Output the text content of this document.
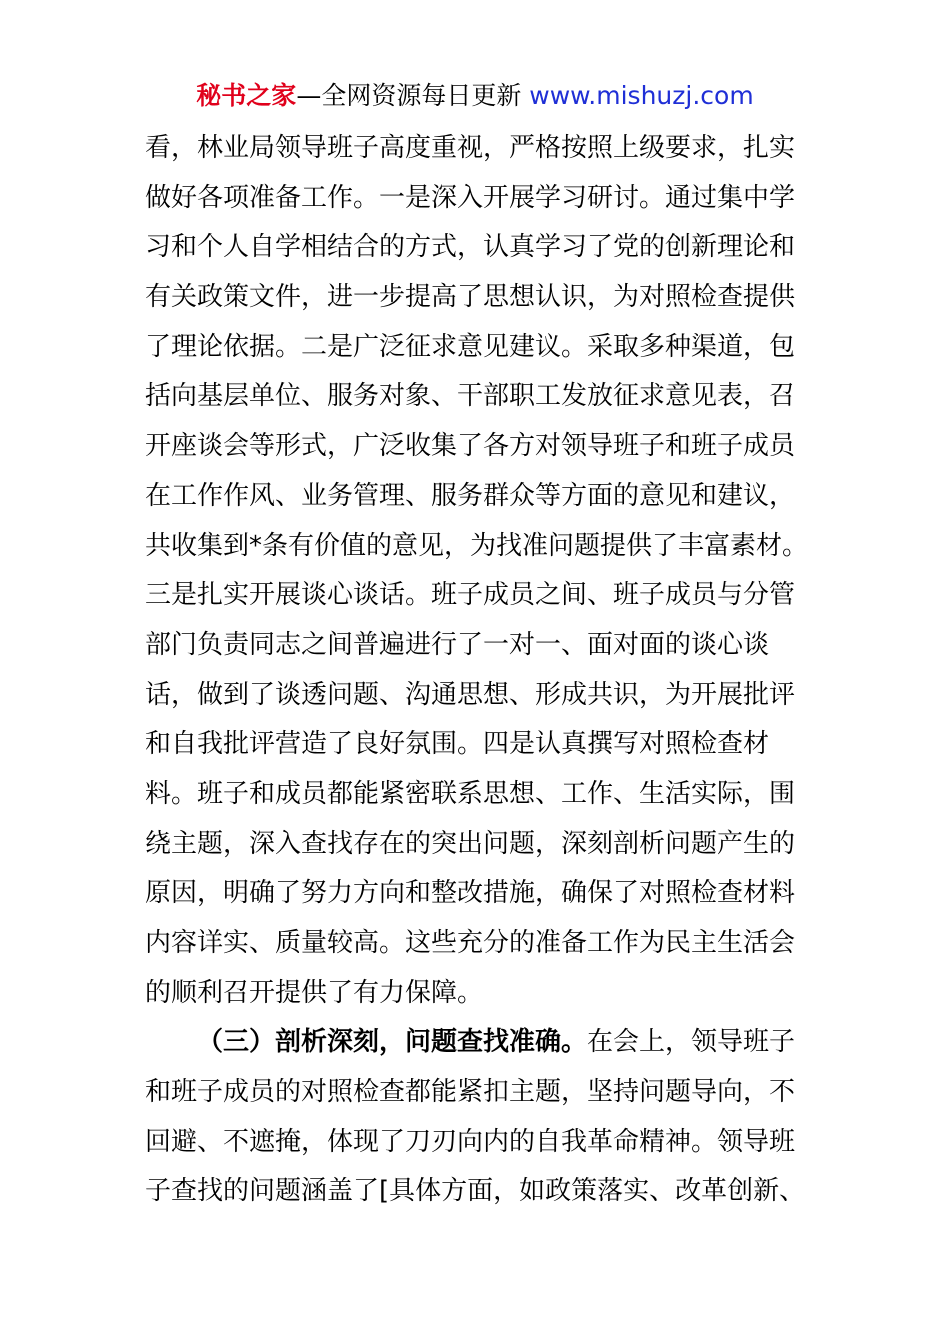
秘书之家—全网资源每日更新 www.mishuzj.com
看，林业局领导班子高度重视，严格按照上级要求，扎实
做好各项准备工作。一是深入开展学习研讨。通过集中学
习和个人自学相结合的方式，认真学习了党的创新理论和
有关政策文件，进一步提高了思想认识，为对照检查提供
了理论依据。二是广泛征求意见建议。采取多种渠道，包
括向基层单位、服务对象、干部职工发放征求意见表，召
开座谈会等形式，广泛收集了各方对领导班子和班子成员
在工作作风、业务管理、服务群众等方面的意见和建议，
共收集到*条有价值的意见，为找准问题提供了丰富素材。
三是扎实开展谈心谈话。班子成员之间、班子成员与分管
部门负责同志之间普遍进行了一对一、面对面的谈心谈
话，做到了谈透问题、沟通思想、形成共识，为开展批评
和自我批评营造了良好氛围。四是认真撰写对照检查材
料。班子和成员都能紧密联系思想、工作、生活实际，围
绕主题，深入查找存在的突出问题，深刻剖析问题产生的
原因，明确了努力方向和整改措施，确保了对照检查材料
内容详实、质量较高。这些充分的准备工作为民主生活会
的顺利召开提供了有力保障。
（三）剖析深刻，问题查找准确。在会上，领导班子
和班子成员的对照检查都能紧扣主题，坚持问题导向，不
回避、不遮掩，体现了刀刃向内的自我革命精神。领导班
子查找的问题涵盖了[具体方面，如政策落实、改革创新、
